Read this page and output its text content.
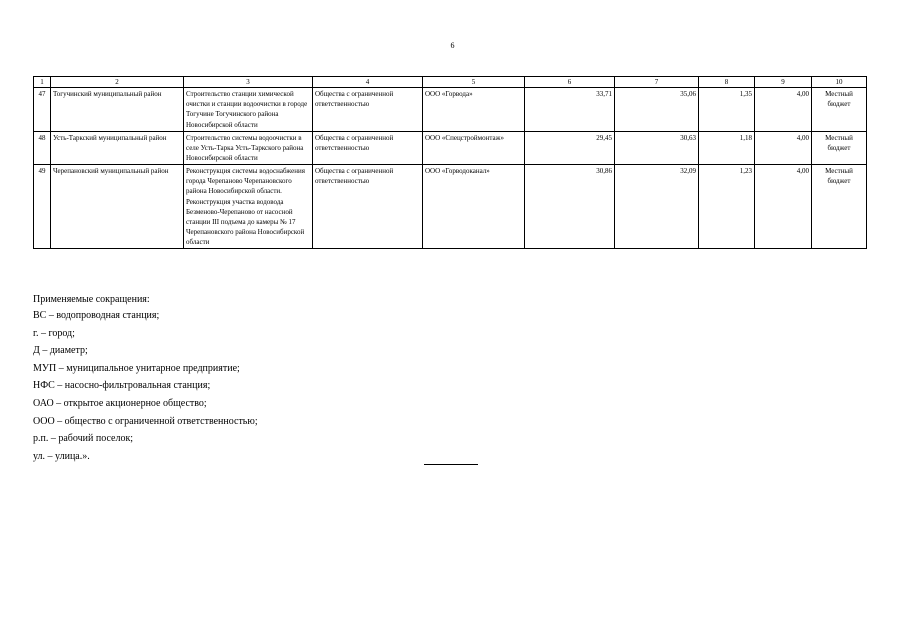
6
1	2	3	4	5	6	7	8	9	10
47	Тогучинский муниципальный район	Строительство станции химической очистки и станции водоочистки в городе Тогучине Тогучинского района Новосибирской области	Общества с ограниченной ответственностью	ООО «Горвода»	33,71	35,06	1,35	4,00	Местный бюджет
48	Усть-Таркский муниципальный район	Строительство системы водоочистки в селе Усть-Тарка Усть-Таркского района Новосибирской области	Общества с ограниченной ответственностью	ООО «Спецстроймонтаж»	29,45	30,63	1,18	4,00	Местный бюджет
49	Черепановский муниципальный район	Реконструкция системы водоснабжения города Черепаново Черепановского района Новосибирской области. Реконструкция участка водовода Безменово-Черепаново от насосной станции III подъема до камеры № 17 Черепановского района Новосибирской области	Общества с ограниченной ответственностью	ООО «Горводоканал»	30,86	32,09	1,23	4,00	Местный бюджет

Применяемые сокращения:

ВС – водопроводная станция;
г. – город;
Д – диаметр;
МУП – муниципальное унитарное предприятие;
НФС – насосно-фильтровальная станция;
ОАО – открытое акционерное общество;
ООО – общество с ограниченной ответственностью;
р.п. – рабочий поселок;
ул. – улица.».
